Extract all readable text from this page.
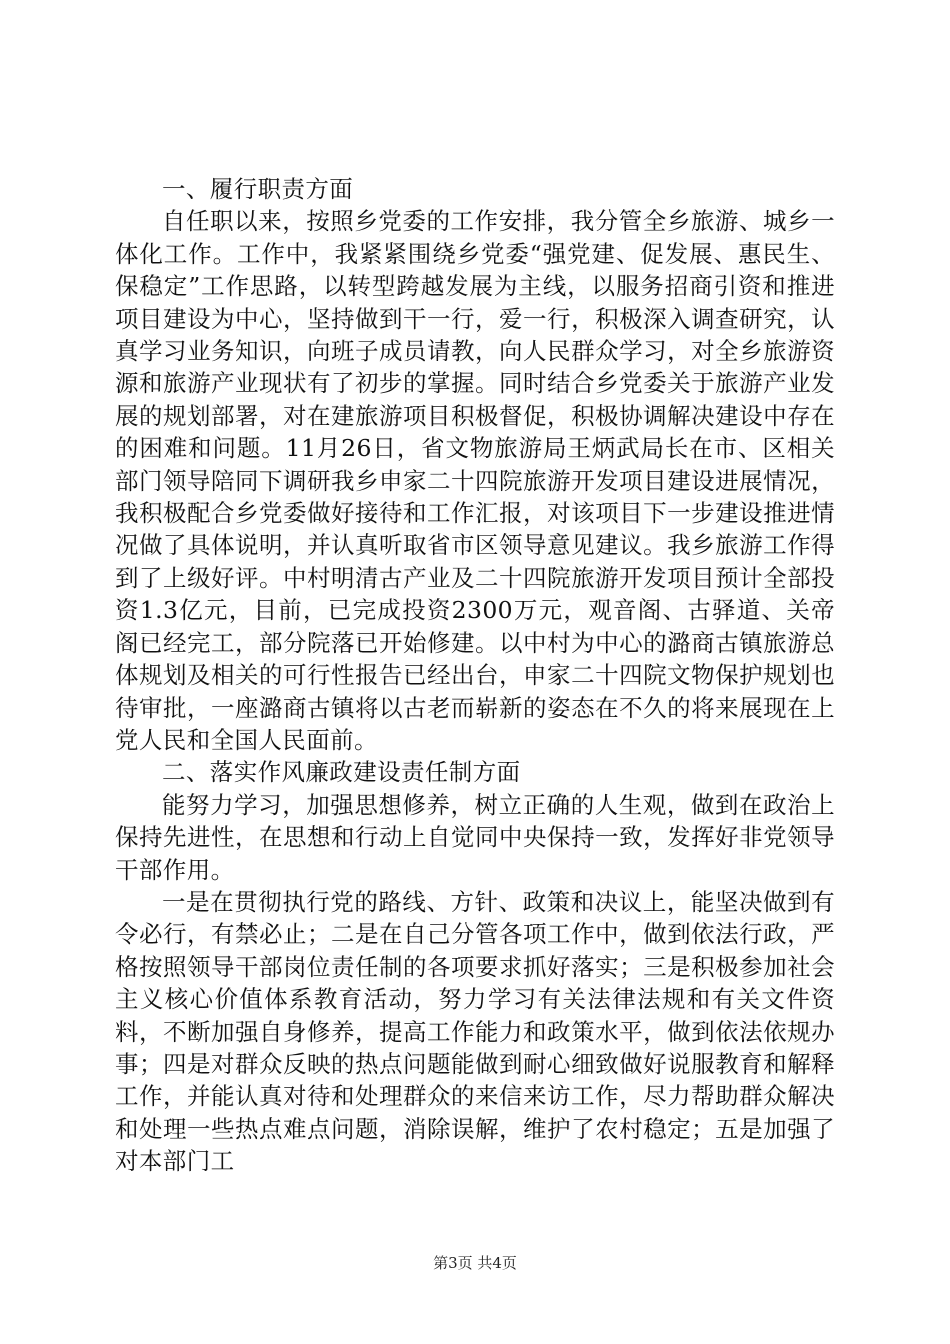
一、履行职责方面

自任职以来，按照乡党委的工作安排，我分管全乡旅游、城乡一体化工作。工作中，我紧紧围绕乡党委“强党建、促发展、惠民生、保稳定”工作思路，以转型跨越发展为主线，以服务招商引资和推进项目建设为中心，坚持做到干一行，爱一行，积极深入调查研究，认真学习业务知识，向班子成员请教，向人民群众学习，对全乡旅游资源和旅游产业现状有了初步的掌握。同时结合乡党委关于旅游产业发展的规划部署，对在建旅游项目积极督促，积极协调解决建设中存在的困难和问题。11月26日，省文物旅游局王炳武局长在市、区相关部门领导陪同下调研我乡申家二十四院旅游开发项目建设进展情况，我积极配合乡党委做好接待和工作汇报，对该项目下一步建设推进情况做了具体说明，并认真听取省市区领导意见建议。我乡旅游工作得到了上级好评。中村明清古产业及二十四院旅游开发项目预计全部投资1.3亿元，目前，已完成投资2300万元，观音阁、古驿道、关帝阁已经完工，部分院落已开始修建。以中村为中心的潞商古镇旅游总体规划及相关的可行性报告已经出台，申家二十四院文物保护规划也待审批，一座潞商古镇将以古老而崭新的姿态在不久的将来展现在上党人民和全国人民面前。

二、落实作风廉政建设责任制方面

能努力学习，加强思想修养，树立正确的人生观，做到在政治上保持先进性，在思想和行动上自觉同中央保持一致，发挥好非党领导干部作用。

一是在贯彻执行党的路线、方针、政策和决议上，能坚决做到有令必行，有禁必止；二是在自己分管各项工作中，做到依法行政，严格按照领导干部岗位责任制的各项要求抓好落实；三是积极参加社会主义核心价值体系教育活动，努力学习有关法律法规和有关文件资料，不断加强自身修养，提高工作能力和政策水平，做到依法依规办事；四是对群众反映的热点问题能做到耐心细致做好说服教育和解释工作，并能认真对待和处理群众的来信来访工作，尽力帮助群众解决和处理一些热点难点问题，消除误解，维护了农村稳定；五是加强了对本部门工

第3页 共4页
